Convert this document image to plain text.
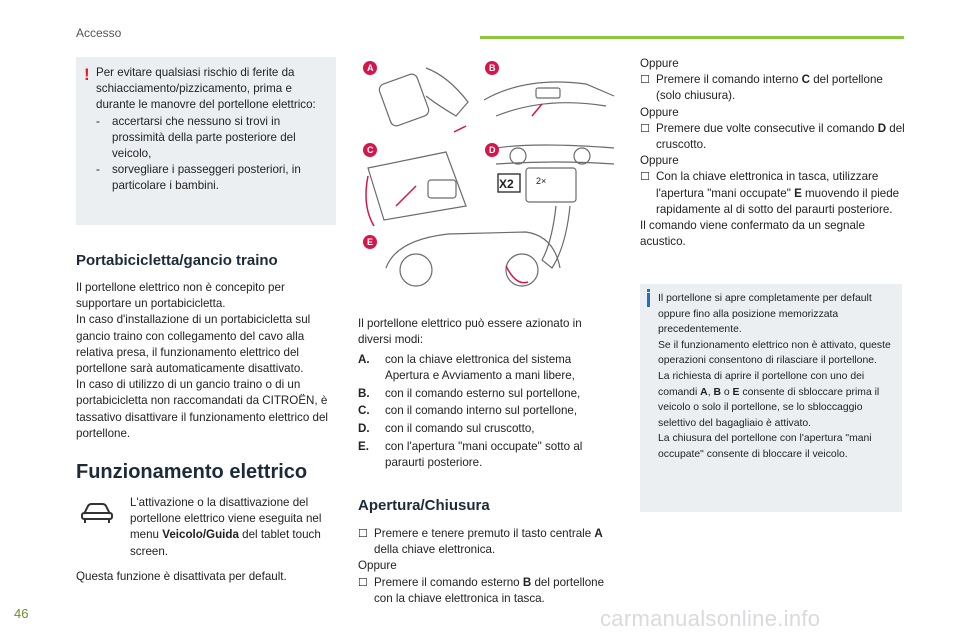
Accesso
! Per evitare qualsiasi rischio di ferite da schiacciamento/pizzicamento, prima e durante le manovre del portellone elettrico:

-	accertarsi che nessuno si trovi in prossimità della parte posteriore del veicolo,
-	sorvegliare i passeggeri posteriori, in particolare i bambini.
Portabicicletta/gancio traino

Il portellone elettrico non è concepito per supportare un portabicicletta.

In caso d'installazione di un portabicicletta sul gancio traino con collegamento del cavo alla relativa presa, il funzionamento elettrico del portellone sarà automaticamente disattivato.

In caso di utilizzo di un gancio traino o di un portabicicletta non raccomandati da CITROËN, è tassativo disattivare il funzionamento elettrico del portellone.

Funzionamento elettrico

L'attivazione o la disattivazione del portellone elettrico viene eseguita nel menu Veicolo/Guida del tablet touch screen.

Questa funzione è disattivata per default.

X2 2×
A	B
C	D
E

Il portellone elettrico può essere azionato in diversi modi:

A.	con la chiave elettronica del sistema Apertura e Avviamento a mani libere,
B.	con il comando esterno sul portellone,
C.	con il comando interno sul portellone,
D.	con il comando sul cruscotto,
E.	con l'apertura "mani occupate" sotto al paraurti posteriore.
Apertura/Chiusura
☐ Premere e tenere premuto il tasto centrale A della chiave elettronica.

Oppure

☐ Premere il comando esterno B del portellone con la chiave elettronica in tasca.

Oppure

☐ Premere il comando interno C del portellone (solo chiusura).

Oppure

☐ Premere due volte consecutive il comando D del cruscotto.

Oppure

☐ Con la chiave elettronica in tasca, utilizzare l'apertura "mani occupate" E muovendo il piede rapidamente al di sotto del paraurti posteriore.

Il comando viene confermato da un segnale acustico.

Il portellone si apre completamente per default oppure fino alla posizione memorizzata precedentemente.
Se il funzionamento elettrico non è attivato, queste operazioni consentono di rilasciare il portellone.
La richiesta di aprire il portellone con uno dei comandi A, B o E consente di sbloccare prima il veicolo o solo il portellone, se lo sbloccaggio selettivo del bagagliaio è attivato.
La chiusura del portellone con l'apertura "mani occupate" consente di bloccare il veicolo.
46	carmanualsonline.info
